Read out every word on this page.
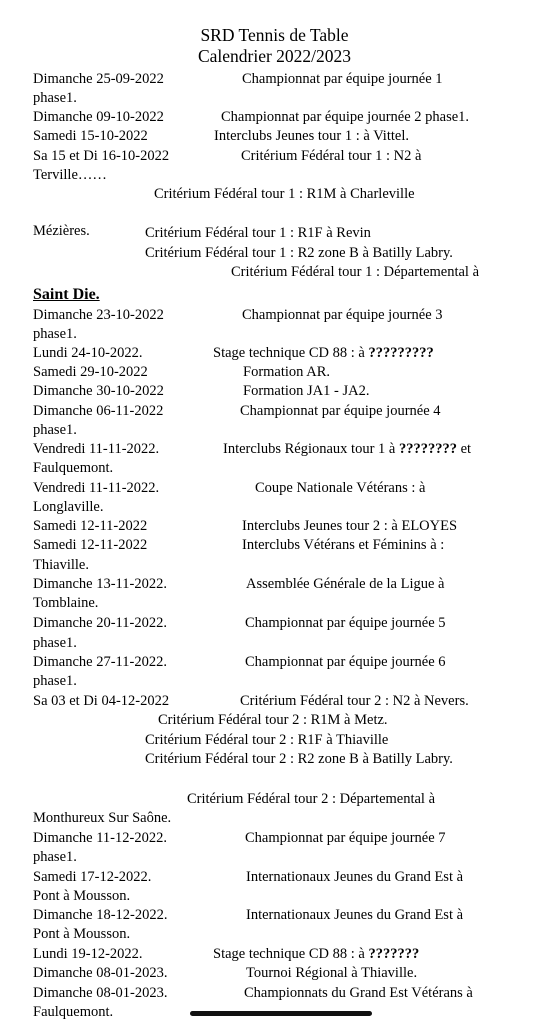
SRD Tennis de Table
Calendrier 2022/2023
Dimanche 25-09-2022	Championnat par équipe journée 1
phase1.
Dimanche 09-10-2022	Championnat par équipe journée 2 phase1.
Samedi 15-10-2022	Interclubs Jeunes tour 1 : à Vittel.
Sa 15 et Di 16-10-2022	Critérium Fédéral tour 1 : N2 à
Terville……
Critérium Fédéral tour 1 : R1M à Charleville
Mézières.	Critérium Fédéral tour 1 : R1F à Revin
Critérium Fédéral tour 1 : R2 zone B à Batilly Labry.
Critérium Fédéral tour 1 : Départemental à
Saint Die.
Dimanche 23-10-2022	Championnat par équipe journée 3
phase1.
Lundi 24-10-2022.	Stage technique CD 88 : à ?????????
Samedi 29-10-2022	Formation AR.
Dimanche 30-10-2022	Formation JA1 - JA2.
Dimanche 06-11-2022	Championnat par équipe journée 4
phase1.
Vendredi 11-11-2022.	Interclubs Régionaux tour 1 à ???????? et
Faulquemont.
Vendredi 11-11-2022.	Coupe Nationale Vétérans : à
Longlaville.
Samedi 12-11-2022	Interclubs Jeunes tour 2 : à ELOYES
Samedi 12-11-2022	Interclubs Vétérans et Féminins à :
Thiaville.
Dimanche 13-11-2022.	Assemblée Générale de la Ligue à
Tomblaine.
Dimanche 20-11-2022.	Championnat par équipe journée 5
phase1.
Dimanche 27-11-2022.	Championnat par équipe journée 6
phase1.
Sa 03 et Di 04-12-2022	Critérium Fédéral tour 2 : N2 à Nevers.
Critérium Fédéral tour 2 : R1M à Metz.
Critérium Fédéral tour 2 : R1F à Thiaville
Critérium Fédéral tour 2 : R2 zone B à Batilly Labry.
Critérium Fédéral tour 2 : Départemental à
Monthureux Sur Saône.
Dimanche 11-12-2022.	Championnat par équipe journée 7
phase1.
Samedi 17-12-2022.	Internationaux Jeunes du Grand Est à
Pont à Mousson.
Dimanche 18-12-2022.	Internationaux Jeunes du Grand Est à
Pont à Mousson.
Lundi 19-12-2022.	Stage technique CD 88 : à ???????
Dimanche 08-01-2023.	Tournoi Régional à Thiaville.
Dimanche 08-01-2023.	Championnats du Grand Est Vétérans à
Faulquemont.
